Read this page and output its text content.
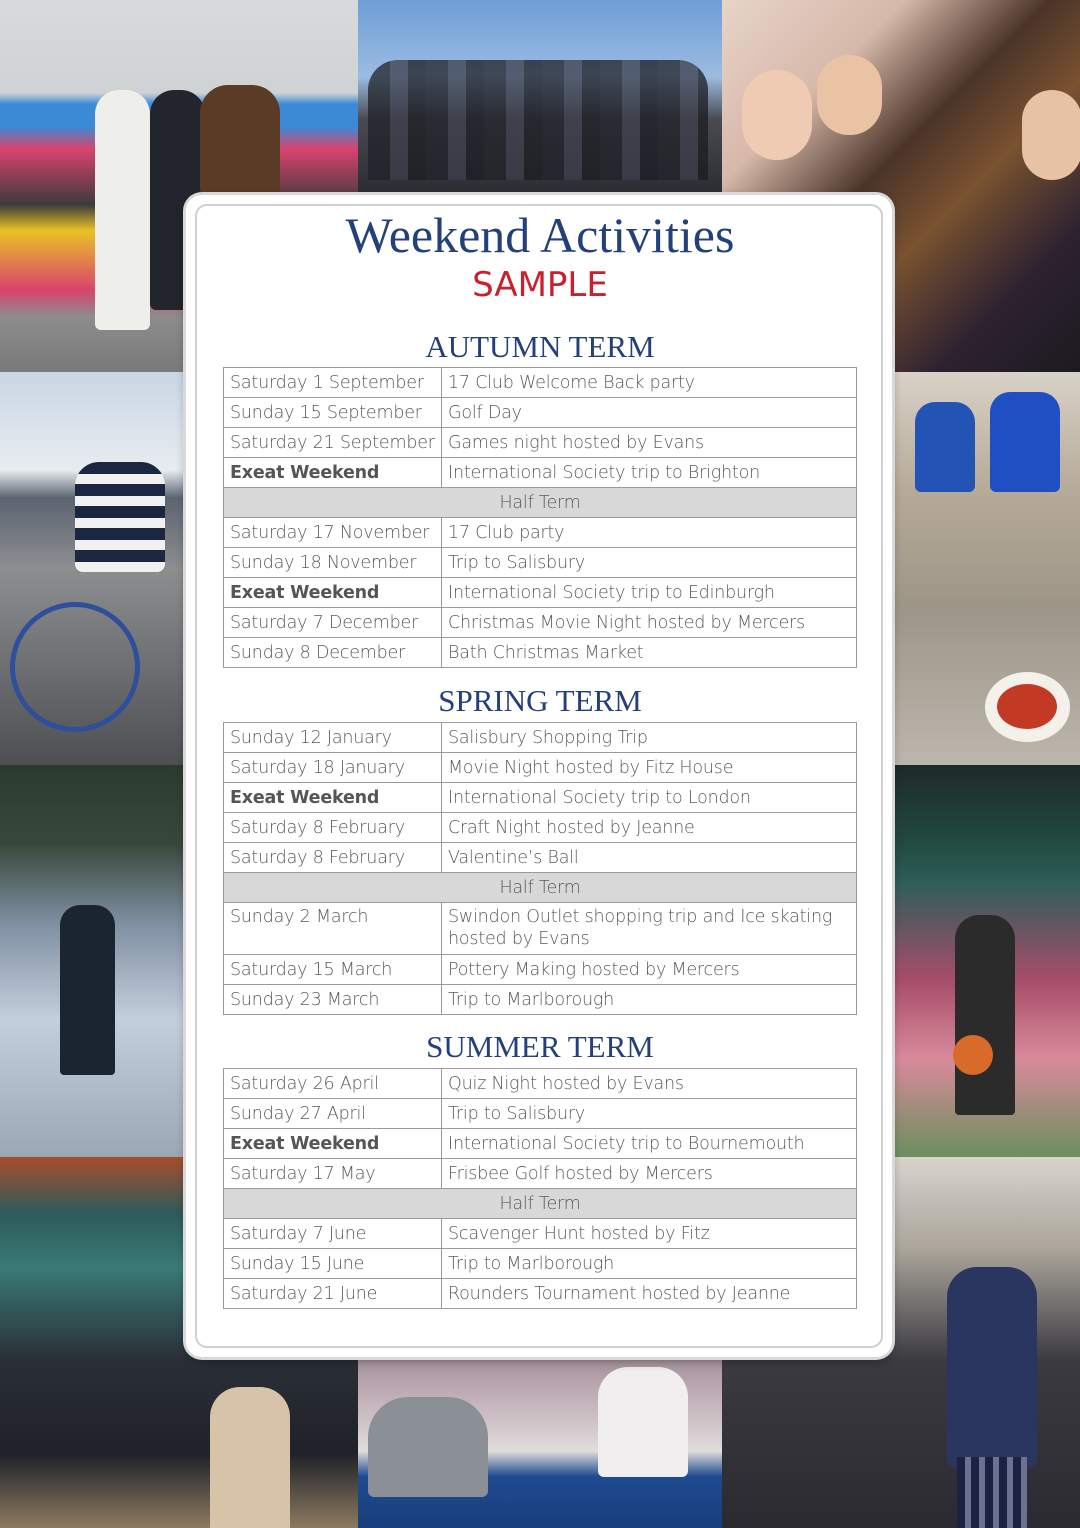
Weekend Activities
SAMPLE
AUTUMN TERM
Saturday 1 September	17 Club Welcome Back party
Sunday 15 September	Golf Day
Saturday 21 September	Games night hosted by Evans
Exeat Weekend	International Society trip to Brighton
Half Term	
Saturday 17 November	17 Club party
Sunday 18 November	Trip to Salisbury
Exeat Weekend	International Society trip to Edinburgh
Saturday 7 December	Christmas Movie Night hosted by Mercers
Sunday 8 December	Bath Christmas Market
SPRING TERM
Sunday 12 January	Salisbury Shopping Trip
Saturday 18 January	Movie Night hosted by Fitz House
Exeat Weekend	International Society trip to London
Saturday 8 February	Craft Night hosted by Jeanne
Saturday 8 February	Valentine’s Ball
Half Term	
Sunday 2 March	Swindon Outlet shopping trip and Ice skating hosted by Evans
Saturday 15 March	Pottery Making hosted by Mercers
Sunday 23 March	Trip to Marlborough
SUMMER TERM
Saturday 26 April	Quiz Night hosted by Evans
Sunday 27 April	Trip to Salisbury
Exeat Weekend	International Society trip to Bournemouth
Saturday 17 May	Frisbee Golf hosted by Mercers
Half Term	
Saturday 7 June	Scavenger Hunt hosted by Fitz
Sunday 15 June	Trip to Marlborough
Saturday 21 June	Rounders Tournament hosted by Jeanne
